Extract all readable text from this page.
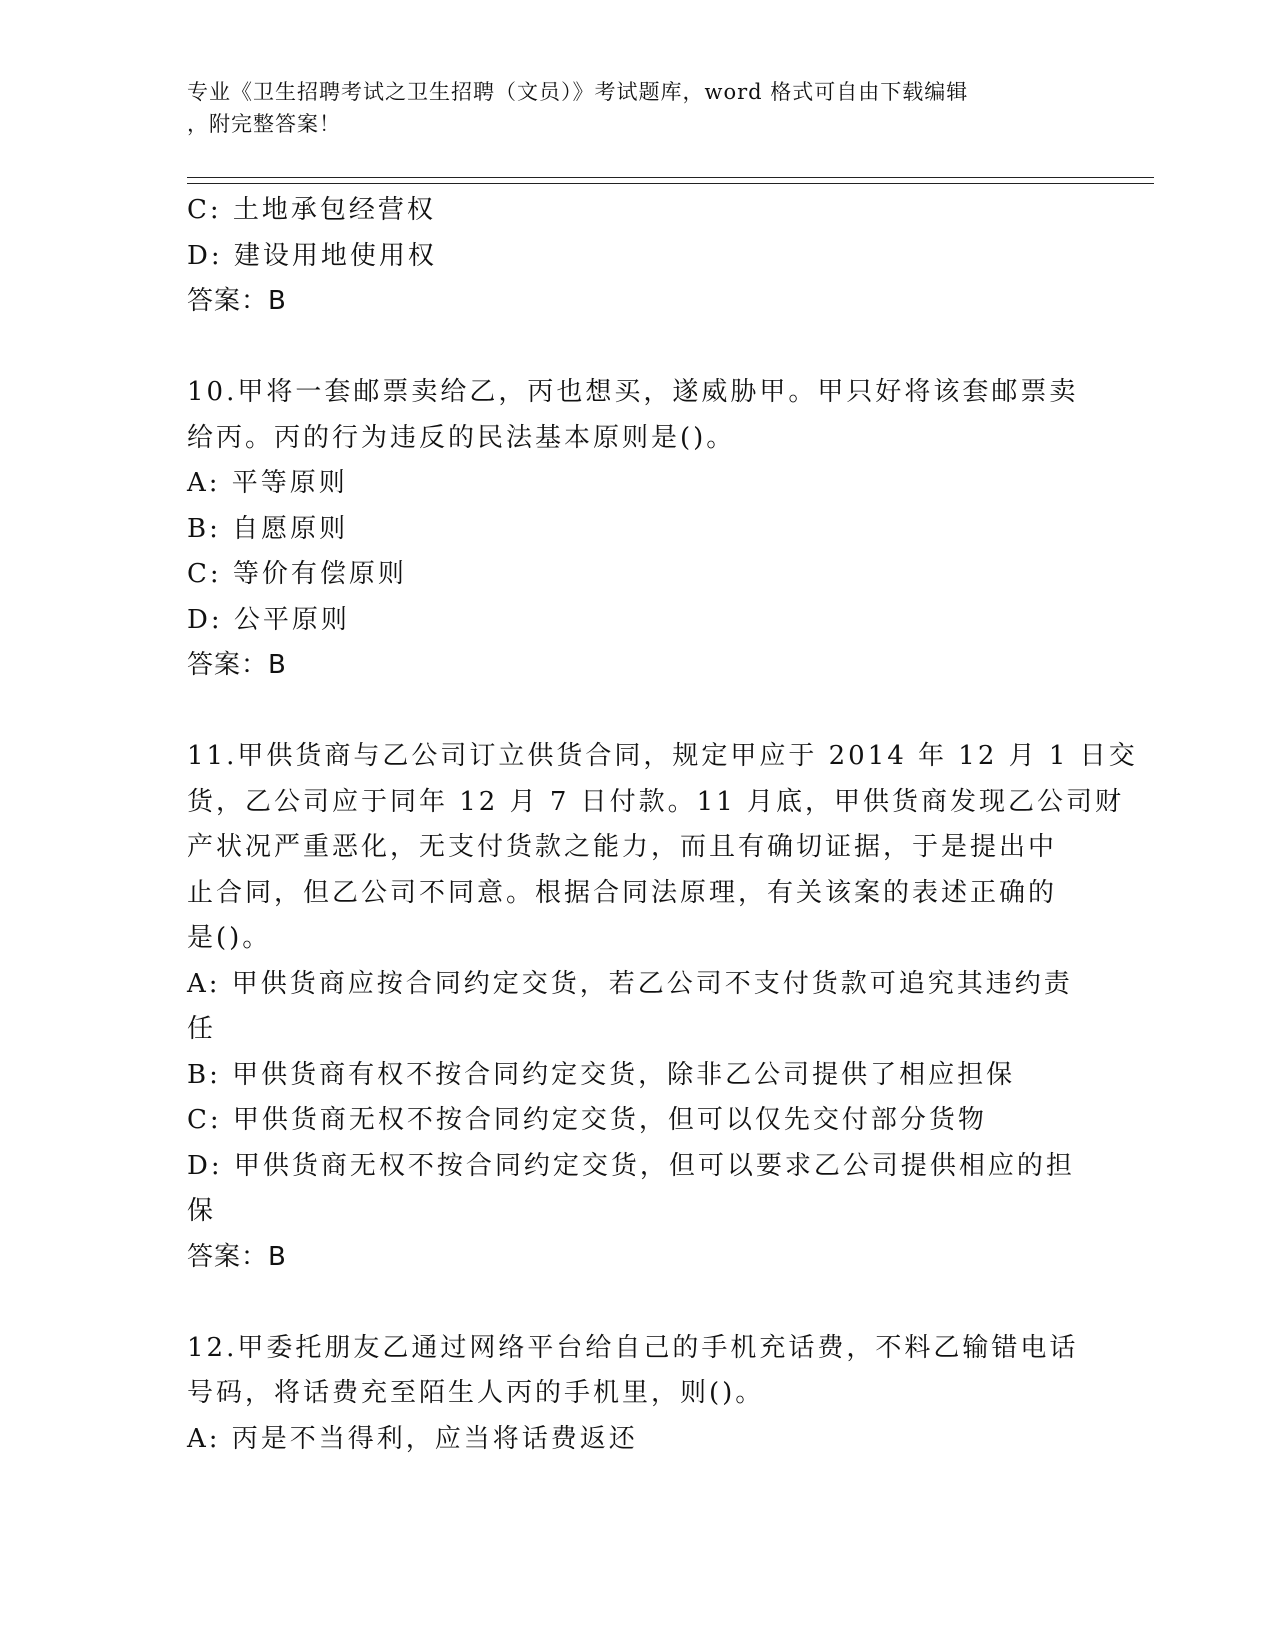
专业《卫生招聘考试之卫生招聘（文员）》考试题库，word 格式可自由下载编辑
，附完整答案！
C: 土地承包经营权
D: 建设用地使用权
答案：B
10.甲将一套邮票卖给乙，丙也想买，遂威胁甲。甲只好将该套邮票卖
给丙。丙的行为违反的民法基本原则是()。
A: 平等原则
B: 自愿原则
C: 等价有偿原则
D: 公平原则
答案：B
11.甲供货商与乙公司订立供货合同，规定甲应于 2014 年 12 月 1 日交
货，乙公司应于同年 12 月 7 日付款。11 月底，甲供货商发现乙公司财
产状况严重恶化，无支付货款之能力，而且有确切证据，于是提出中
止合同，但乙公司不同意。根据合同法原理，有关该案的表述正确的
是()。
A: 甲供货商应按合同约定交货，若乙公司不支付货款可追究其违约责
任
B: 甲供货商有权不按合同约定交货，除非乙公司提供了相应担保
C: 甲供货商无权不按合同约定交货，但可以仅先交付部分货物
D: 甲供货商无权不按合同约定交货，但可以要求乙公司提供相应的担
保
答案：B
12.甲委托朋友乙通过网络平台给自己的手机充话费，不料乙输错电话
号码，将话费充至陌生人丙的手机里，则()。
A: 丙是不当得利，应当将话费返还
